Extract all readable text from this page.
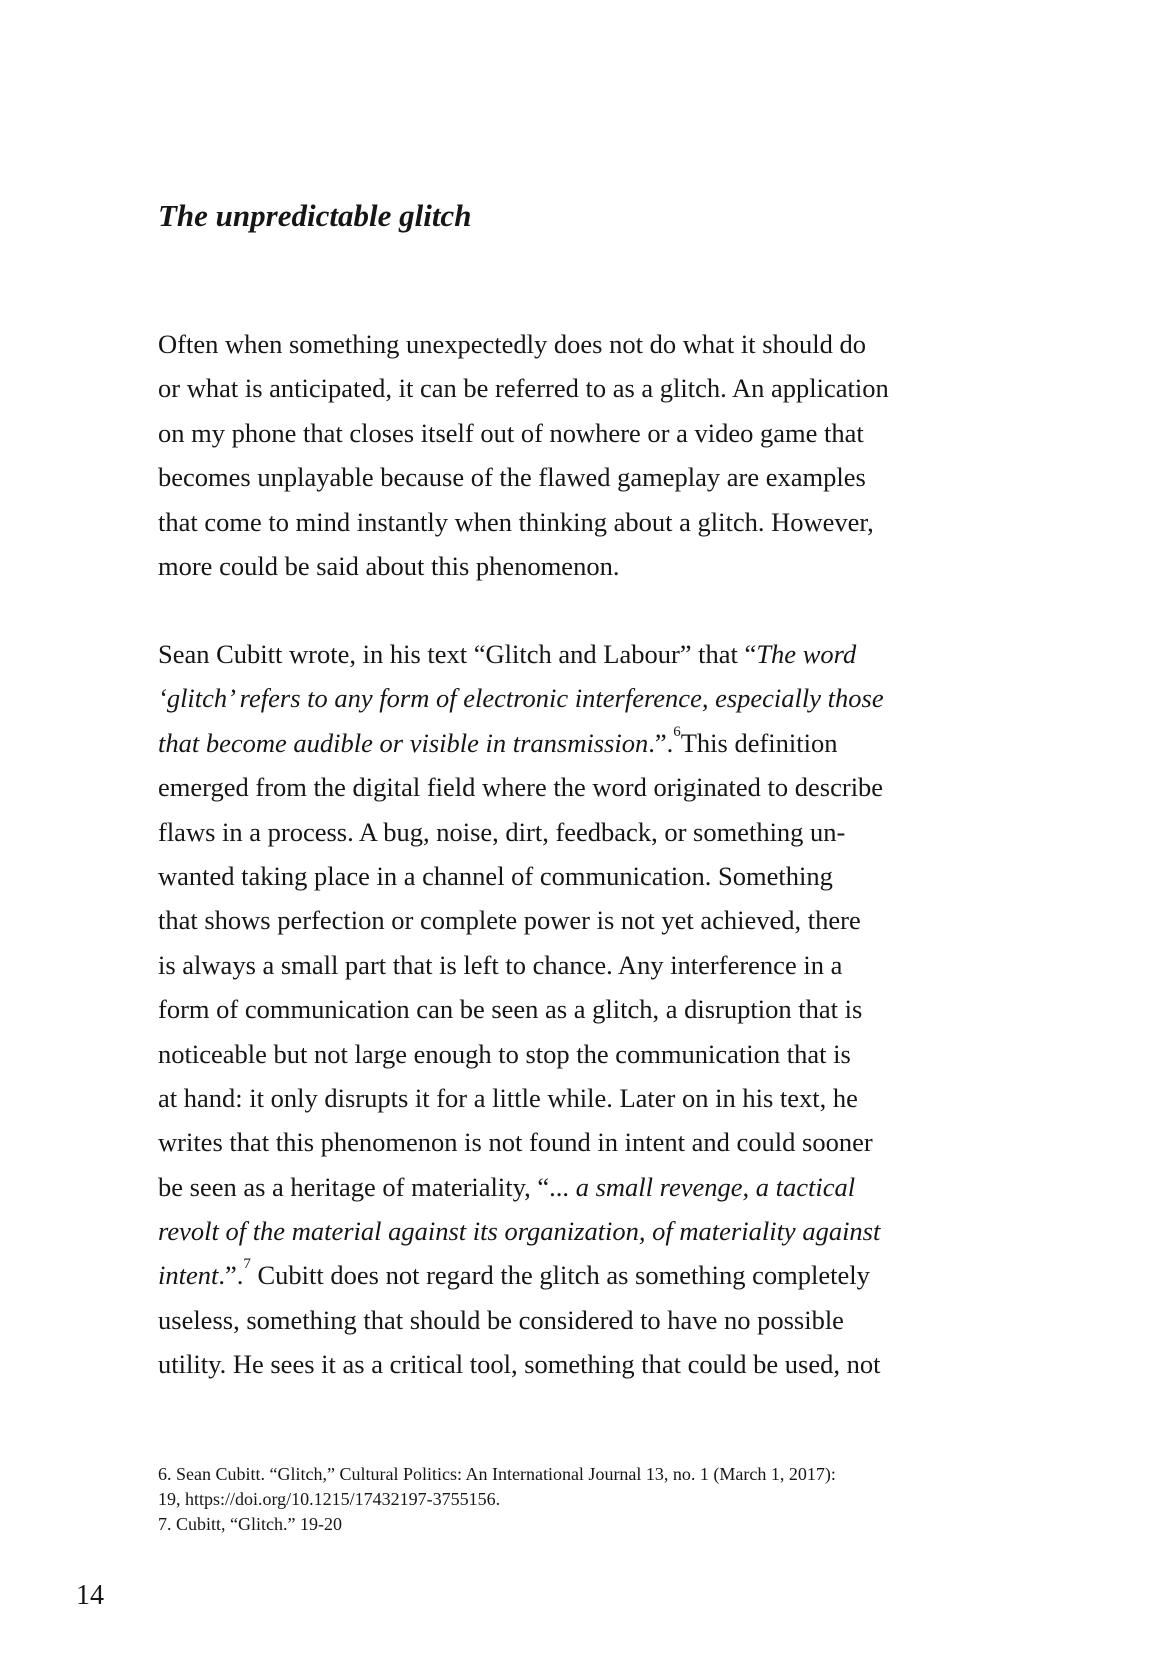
The unpredictable glitch

Often when something unexpectedly does not do what it should do
or what is anticipated, it can be referred to as a glitch. An application
on my phone that closes itself out of nowhere or a video game that
becomes unplayable because of the flawed gameplay are examples
that come to mind instantly when thinking about a glitch. However,
more could be said about this phenomenon.

Sean Cubitt wrote, in his text “Glitch and Labour” that “The word
‘glitch’ refers to any form of electronic interference, especially those
that become audible or visible in transmission.”.$^6$This definition
emerged from the digital field where the word originated to describe
flaws in a process. A bug, noise, dirt, feedback, or something un-
wanted taking place in a channel of communication. Something
that shows perfection or complete power is not yet achieved, there
is always a small part that is left to chance. Any interference in a
form of communication can be seen as a glitch, a disruption that is
noticeable but not large enough to stop the communication that is
at hand: it only disrupts it for a little while. Later on in his text, he
writes that this phenomenon is not found in intent and could sooner
be seen as a heritage of materiality, “... a small revenge, a tactical
revolt of the material against its organization, of materiality against
intent.”.$^7$ Cubitt does not regard the glitch as something completely
useless, something that should be considered to have no possible
utility. He sees it as a critical tool, something that could be used, not

6. Sean Cubitt. “Glitch,” Cultural Politics: An International Journal 13, no. 1 (March 1, 2017):
19, https://doi.org/10.1215/17432197-3755156.
7. Cubitt, “Glitch.” 19-20
14
